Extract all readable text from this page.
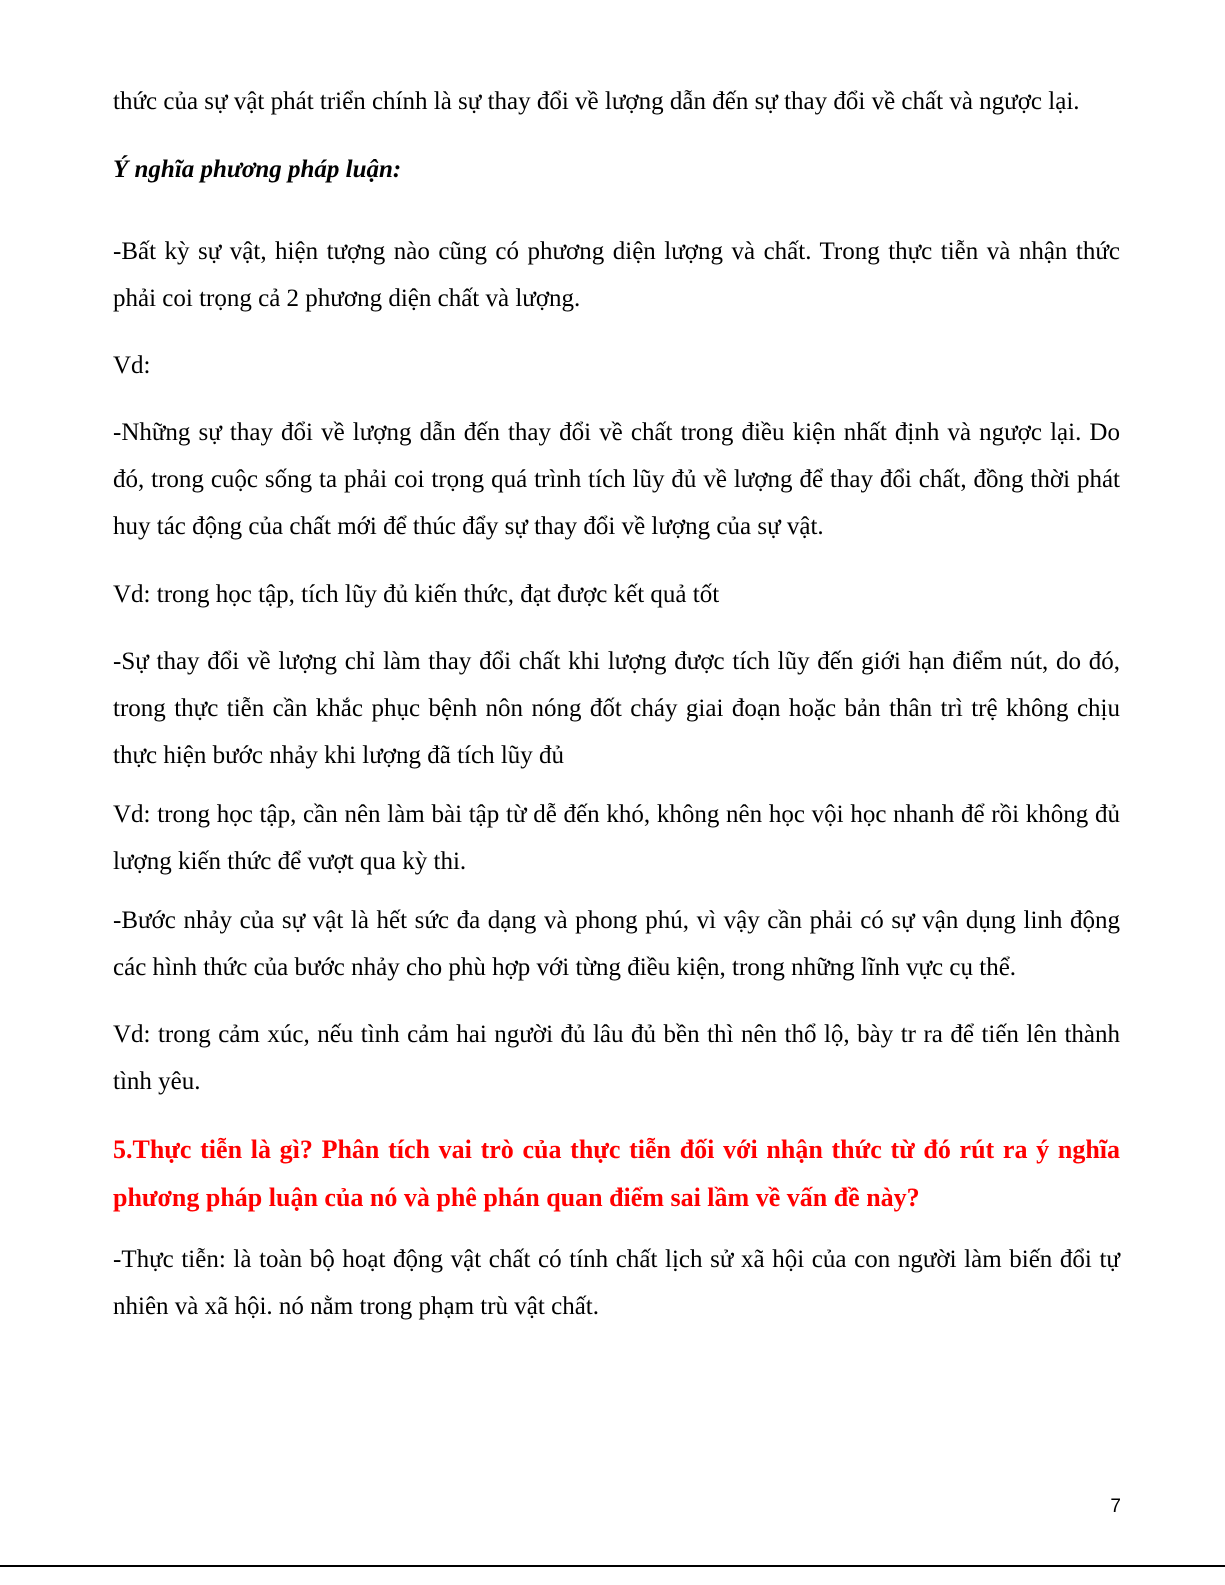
thức của sự vật phát triển chính là sự thay đổi về lượng dẫn đến sự thay đổi về chất và ngược lại.

Ý nghĩa phương pháp luận:

-Bất kỳ sự vật, hiện tượng nào cũng có phương diện lượng và chất. Trong thực tiễn và nhận thức phải coi trọng cả 2 phương diện chất và lượng.

Vd:

-Những sự thay đổi về lượng dẫn đến thay đổi về chất trong điều kiện nhất định và ngược lại. Do đó, trong cuộc sống ta phải coi trọng quá trình tích lũy đủ về lượng để thay đổi chất, đồng thời phát huy tác động của chất mới để thúc đẩy sự thay đổi về lượng của sự vật.

Vd: trong học tập, tích lũy đủ kiến thức, đạt được kết quả tốt

-Sự thay đổi về lượng chỉ làm thay đổi chất khi lượng được tích lũy đến giới hạn điểm nút, do đó, trong thực tiễn cần khắc phục bệnh nôn nóng đốt cháy giai đoạn hoặc bản thân trì trệ không chịu thực hiện bước nhảy khi lượng đã tích lũy đủ

Vd: trong học tập, cần nên làm bài tập từ dễ đến khó, không nên học vội học nhanh để rồi không đủ lượng kiến thức để vượt qua kỳ thi.

-Bước nhảy của sự vật là hết sức đa dạng và phong phú, vì vậy cần phải có sự vận dụng linh động các hình thức của bước nhảy cho phù hợp với từng điều kiện, trong những lĩnh vực cụ thể.

Vd: trong cảm xúc, nếu tình cảm hai người đủ lâu đủ bền thì nên thổ lộ, bày tr ra để tiến lên thành tình yêu.

5.Thực tiễn là gì? Phân tích vai trò của thực tiễn đối với nhận thức từ đó rút ra ý nghĩa phương pháp luận của nó và phê phán quan điểm sai lầm về vấn đề này?

-Thực tiễn: là toàn bộ hoạt động vật chất có tính chất lịch sử xã hội của con người làm biến đổi tự nhiên và xã hội. nó nằm trong phạm trù vật chất.

7
